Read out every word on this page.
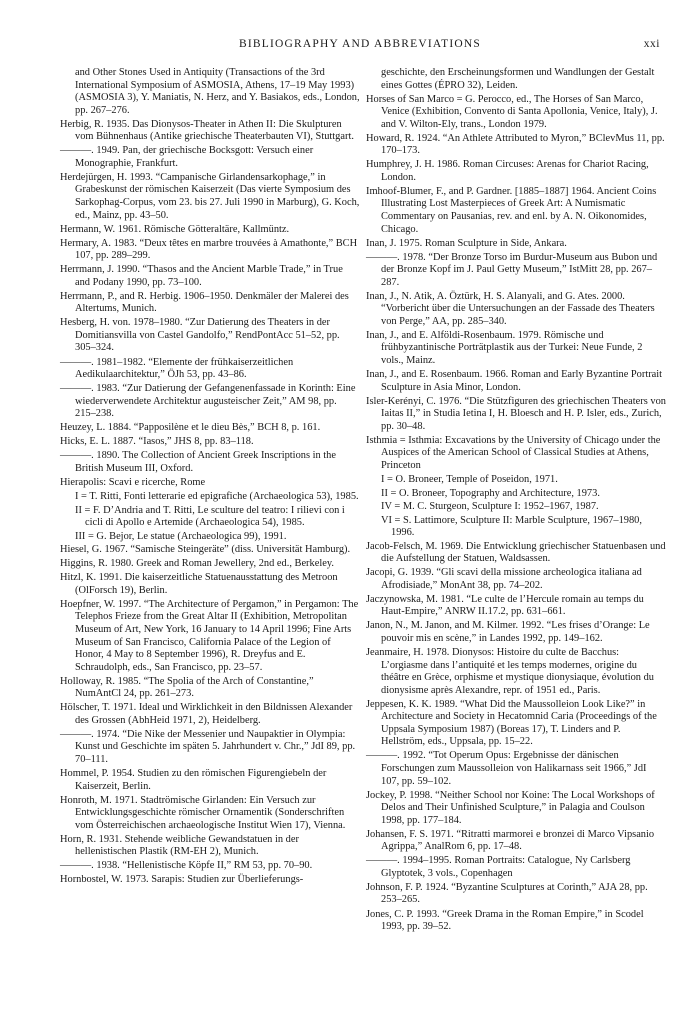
BIBLIOGRAPHY AND ABBREVIATIONS	xxi
and Other Stones Used in Antiquity (Transactions of the 3rd International Symposium of ASMOSIA, Athens, 17–19 May 1993) (ASMOSIA 3), Y. Maniatis, N. Herz, and Y. Basiakos, eds., London, pp. 267–276.
Herbig, R. 1935. Das Dionysos-Theater in Athen II: Die Skulpturen vom Bühnenhaus (Antike griechische Theaterbauten VI), Stuttgart.
———. 1949. Pan, der griechische Bocksgott: Versuch einer Monographie, Frankfurt.
Herdejürgen, H. 1993. “Campanische Girlandensarkophage,” in Grabeskunst der römischen Kaiserzeit (Das vierte Symposium des Sarkophag-Corpus, vom 23. bis 27. Juli 1990 in Marburg), G. Koch, ed., Mainz, pp. 43–50.
Hermann, W. 1961. Römische Götteraltäre, Kallmüntz.
Hermary, A. 1983. “Deux têtes en marbre trouvées à Amathonte,” BCH 107, pp. 289–299.
Herrmann, J. 1990. “Thasos and the Ancient Marble Trade,” in True and Podany 1990, pp. 73–100.
Herrmann, P., and R. Herbig. 1906–1950. Denkmäler der Malerei des Altertums, Munich.
Hesberg, H. von. 1978–1980. “Zur Datierung des Theaters in der Domitiansvilla von Castel Gandolfo,” RendPontAcc 51–52, pp. 305–324.
———. 1981–1982. “Elemente der frühkaiserzeitlichen Aedikulaarchitektur,” ÖJh 53, pp. 43–86.
———. 1983. “Zur Datierung der Gefangenenfassade in Korinth: Eine wiederverwendete Architektur augusteischer Zeit,” AM 98, pp. 215–238.
Heuzey, L. 1884. “Papposilène et le dieu Bès,” BCH 8, p. 161.
Hicks, E. L. 1887. “Iasos,” JHS 8, pp. 83–118.
———. 1890. The Collection of Ancient Greek Inscriptions in the British Museum III, Oxford.
Hierapolis: Scavi e ricerche, Rome
I = T. Ritti, Fonti letterarie ed epigrafiche (Archaeologica 53), 1985.
II = F. D’Andria and T. Ritti, Le sculture del teatro: I rilievi con i cicli di Apollo e Artemide (Archaeologica 54), 1985.
III = G. Bejor, Le statue (Archaeologica 99), 1991.
Hiesel, G. 1967. “Samische Steingeräte” (diss. Universität Hamburg).
Higgins, R. 1980. Greek and Roman Jewellery, 2nd ed., Berkeley.
Hitzl, K. 1991. Die kaiserzeitliche Statuenausstattung des Metroon (OlForsch 19), Berlin.
Hoepfner, W. 1997. “The Architecture of Pergamon,” in Pergamon: The Telephos Frieze from the Great Altar II (Exhibition, Metropolitan Museum of Art, New York, 16 January to 14 April 1996; Fine Arts Museum of San Francisco, California Palace of the Legion of Honor, 4 May to 8 September 1996), R. Dreyfus and E. Schraudolph, eds., San Francisco, pp. 23–57.
Holloway, R. 1985. “The Spolia of the Arch of Constantine,” NumAntCl 24, pp. 261–273.
Hölscher, T. 1971. Ideal und Wirklichkeit in den Bildnissen Alexander des Grossen (AbhHeid 1971, 2), Heidelberg.
———. 1974. “Die Nike der Messenier und Naupaktier in Olympia: Kunst und Geschichte im späten 5. Jahrhundert v. Chr.,” JdI 89, pp. 70–111.
Hommel, P. 1954. Studien zu den römischen Figurengiebeln der Kaiserzeit, Berlin.
Honroth, M. 1971. Stadtrömische Girlanden: Ein Versuch zur Entwicklungsgeschichte römischer Ornamentik (Sonderschriften vom Österreichischen archaeologische Institut Wien 17), Vienna.
Horn, R. 1931. Stehende weibliche Gewandstatuen in der hellenistischen Plastik (RM-EH 2), Munich.
———. 1938. “Hellenistische Köpfe II,” RM 53, pp. 70–90.
Hornbostel, W. 1973. Sarapis: Studien zur Überlieferungs-
geschichte, den Erscheinungsformen und Wandlungen der Gestalt eines Gottes (ÉPRO 32), Leiden.
Horses of San Marco = G. Perocco, ed., The Horses of San Marco, Venice (Exhibition, Convento di Santa Apollonia, Venice, Italy), J. and V. Wilton-Ely, trans., London 1979.
Howard, R. 1924. “An Athlete Attributed to Myron,” BClevMus 11, pp. 170–173.
Humphrey, J. H. 1986. Roman Circuses: Arenas for Chariot Racing, London.
Imhoof-Blumer, F., and P. Gardner. [1885–1887] 1964. Ancient Coins Illustrating Lost Masterpieces of Greek Art: A Numismatic Commentary on Pausanias, rev. and enl. by A. N. Oikonomides, Chicago.
Inan, J. 1975. Roman Sculpture in Side, Ankara.
———. 1978. “Der Bronze Torso im Burdur-Museum aus Bubon und der Bronze Kopf im J. Paul Getty Museum,” IstMitt 28, pp. 267–287.
Inan, J., N. Atik, A. Öztürk, H. S. Alanyali, and G. Ates. 2000. “Vorbericht über die Untersuchungen an der Fassade des Theaters von Perge,” AA, pp. 285–340.
Inan, J., and E. Alföldi-Rosenbaum. 1979. Römische und frühbyzantinische Porträtplastik aus der Turkei: Neue Funde, 2 vols., Mainz.
Inan, J., and E. Rosenbaum. 1966. Roman and Early Byzantine Portrait Sculpture in Asia Minor, London.
Isler-Kerényi, C. 1976. “Die Stützfiguren des griechischen Theaters von Iaitas II,” in Studia Ietina I, H. Bloesch and H. P. Isler, eds., Zurich, pp. 30–48.
Isthmia = Isthmia: Excavations by the University of Chicago under the Auspices of the American School of Classical Studies at Athens, Princeton
I = O. Broneer, Temple of Poseidon, 1971.
II = O. Broneer, Topography and Architecture, 1973.
IV = M. C. Sturgeon, Sculpture I: 1952–1967, 1987.
VI = S. Lattimore, Sculpture II: Marble Sculpture, 1967–1980, 1996.
Jacob-Felsch, M. 1969. Die Entwicklung griechischer Statuenbasen und die Aufstellung der Statuen, Waldsassen.
Jacopi, G. 1939. “Gli scavi della missione archeologica italiana ad Afrodisiade,” MonAnt 38, pp. 74–202.
Jaczynowska, M. 1981. “Le culte de l’Hercule romain au temps du Haut-Empire,” ANRW II.17.2, pp. 631–661.
Janon, N., M. Janon, and M. Kilmer. 1992. “Les frises d’Orange: Le pouvoir mis en scène,” in Landes 1992, pp. 149–162.
Jeanmaire, H. 1978. Dionysos: Histoire du culte de Bacchus: L’orgiasme dans l’antiquité et les temps modernes, origine du théâtre en Grèce, orphisme et mystique dionysiaque, évolution du dionysisme après Alexandre, repr. of 1951 ed., Paris.
Jeppesen, K. K. 1989. “What Did the Maussolleion Look Like?” in Architecture and Society in Hecatomnid Caria (Proceedings of the Uppsala Symposium 1987) (Boreas 17), T. Linders and P. Hellström, eds., Uppsala, pp. 15–22.
———. 1992. “Tot Operum Opus: Ergebnisse der dänischen Forschungen zum Maussolleion von Halikarnass seit 1966,” JdI 107, pp. 59–102.
Jockey, P. 1998. “Neither School nor Koine: The Local Workshops of Delos and Their Unfinished Sculpture,” in Palagia and Coulson 1998, pp. 177–184.
Johansen, F. S. 1971. “Ritratti marmorei e bronzei di Marco Vipsanio Agrippa,” AnalRom 6, pp. 17–48.
———. 1994–1995. Roman Portraits: Catalogue, Ny Carlsberg Glyptotek, 3 vols., Copenhagen
Johnson, F. P. 1924. “Byzantine Sculptures at Corinth,” AJA 28, pp. 253–265.
Jones, C. P. 1993. “Greek Drama in the Roman Empire,” in Scodel 1993, pp. 39–52.
